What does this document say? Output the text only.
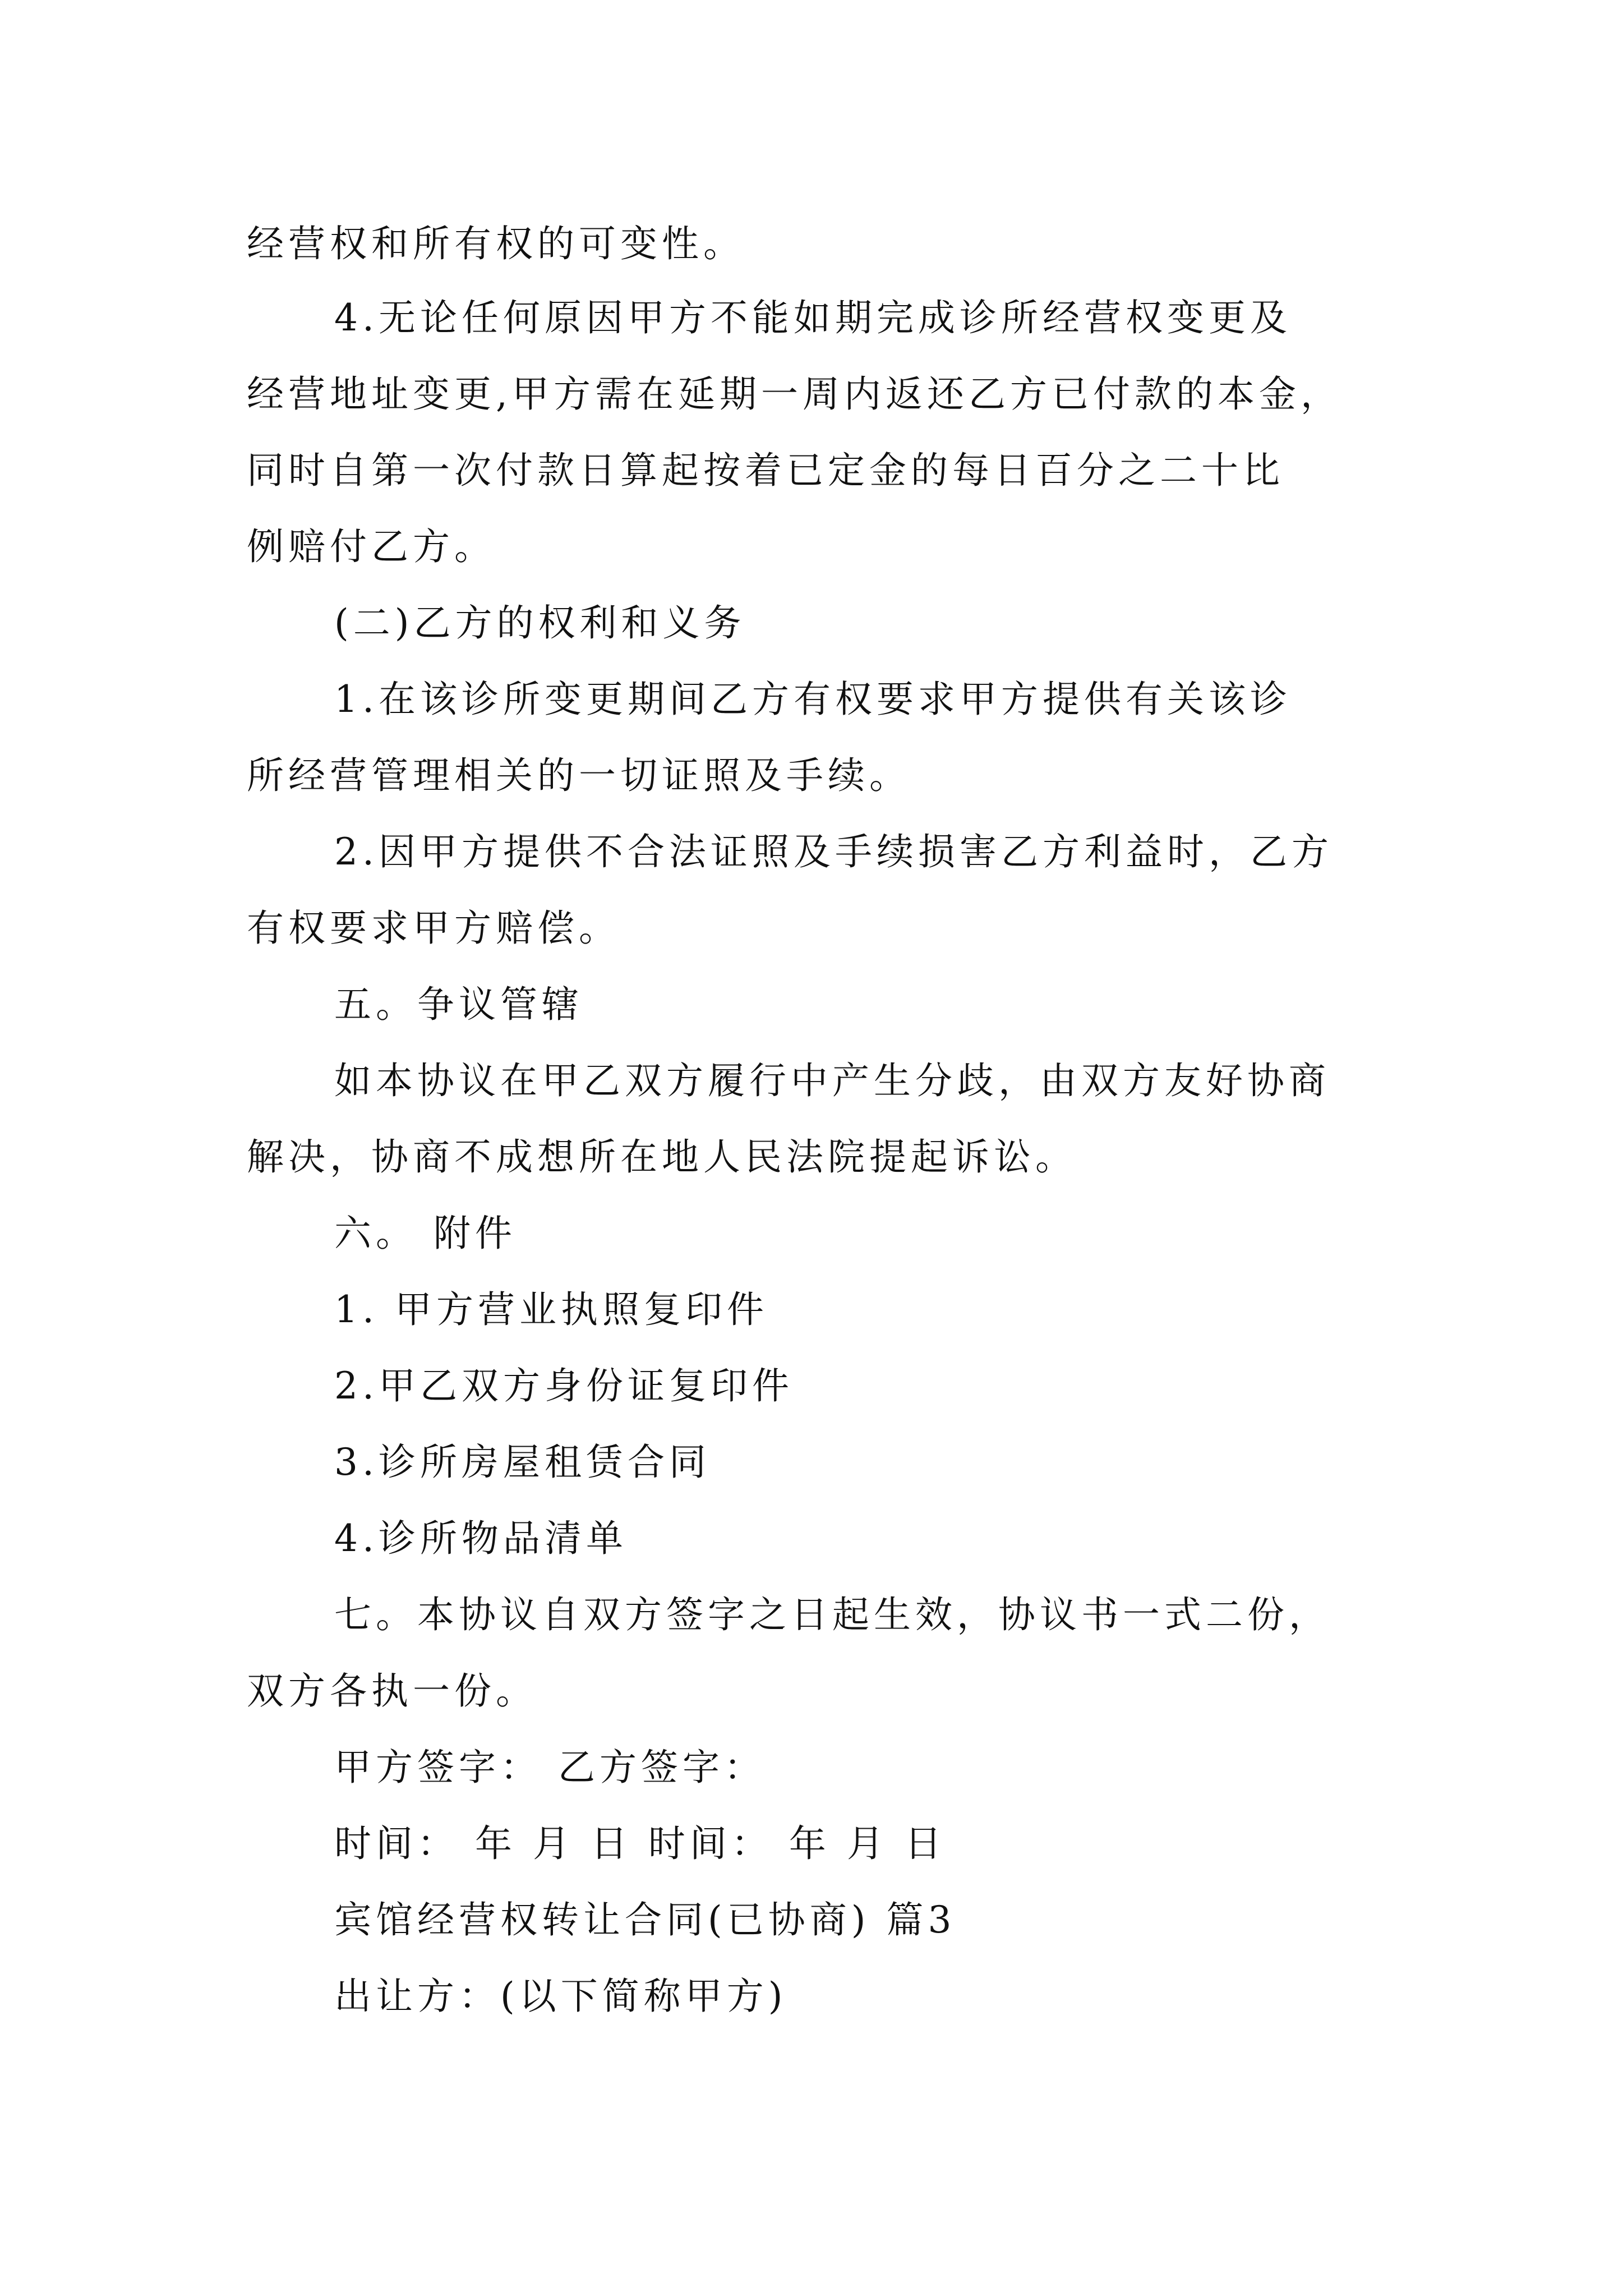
经营权和所有权的可变性。
4.无论任何原因甲方不能如期完成诊所经营权变更及
经营地址变更,甲方需在延期一周内返还乙方已付款的本金，
同时自第一次付款日算起按着已定金的每日百分之二十比
例赔付乙方。
(二)乙方的权利和义务
1.在该诊所变更期间乙方有权要求甲方提供有关该诊
所经营管理相关的一切证照及手续。
2.因甲方提供不合法证照及手续损害乙方利益时，乙方
有权要求甲方赔偿。
五。争议管辖
如本协议在甲乙双方履行中产生分歧，由双方友好协商
解决，协商不成想所在地人民法院提起诉讼。
六。 附件
1. 甲方营业执照复印件
2.甲乙双方身份证复印件
3.诊所房屋租赁合同
4.诊所物品清单
七。本协议自双方签字之日起生效，协议书一式二份，
双方各执一份。
甲方签字： 乙方签字：
时间： 年 月 日 时间： 年 月 日
宾馆经营权转让合同(已协商) 篇3
出让方：(以下简称甲方)
